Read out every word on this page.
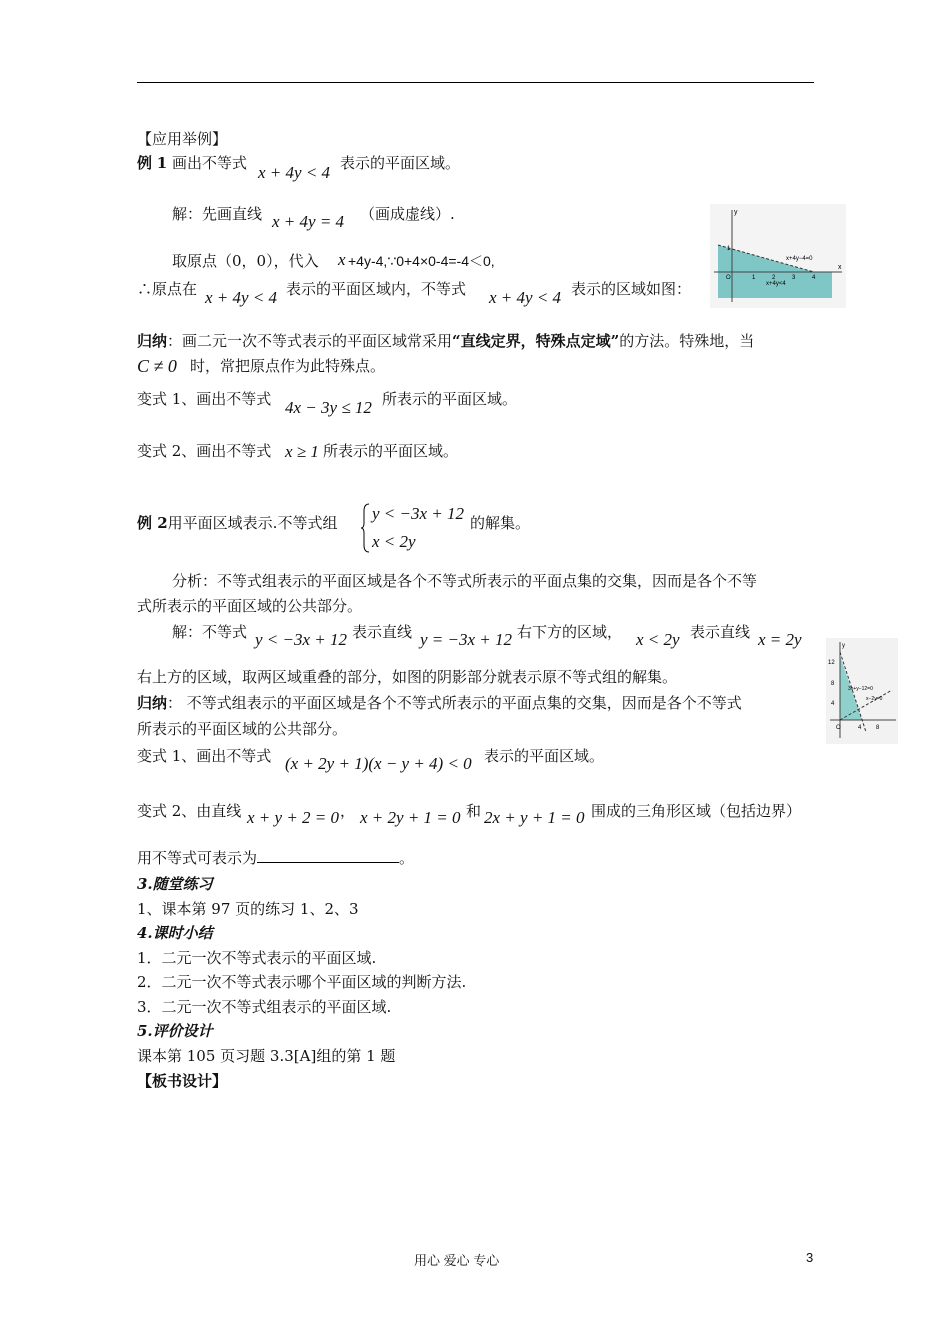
【应用举例】
例 1 画出不等式 x + 4y < 4 表示的平面区域。
解：先画直线 x + 4y = 4 （画成虚线）.
取原点（0，0），代入 x +4y-4,∵0+4×0-4=-4＜0,
∴原点在 x + 4y < 4 表示的平面区域内，不等式 x + 4y < 4 表示的区域如图：
y
x
x+4y−4=0
x+4y<4
1
O	1	2	3	4
归纳：画二元一次不等式表示的平面区域常采用“直线定界，特殊点定域”的方法。特殊地，当
C ≠ 0 时，常把原点作为此特殊点。
变式 1、画出不等式 4x − 3y ≤ 12 所表示的平面区域。
变式 2、画出不等式 x ≥ 1 所表示的平面区域。
例 2用平面区域表示.不等式组 y < −3x + 12
x < 2y
的解集。
分析：不等式组表示的平面区域是各个不等式所表示的平面点集的交集，因而是各个不等
式所表示的平面区域的公共部分。
解：不等式 y < −3x + 12 表示直线 y = −3x + 12 右下方的区域， x < 2y 表示直线 x = 2y
右上方的区域，取两区域重叠的部分，如图的阴影部分就表示原不等式组的解集。
y
12
8
4
O	4 8
3x+y−12=0
x−2y=0
归纳： 不等式组表示的平面区域是各个不等式所表示的平面点集的交集，因而是各个不等式
所表示的平面区域的公共部分。
变式 1、画出不等式 (x + 2y + 1)(x − y + 4) < 0 表示的平面区域。
变式 2、由直线 x + y + 2 = 0 ， x + 2y + 1 = 0 和 2x + y + 1 = 0 围成的三角形区域（包括边界）
用不等式可表示为	。
3.随堂练习
1、课本第 97 页的练习 1、2、3
4.课时小结
1．二元一次不等式表示的平面区域.
2．二元一次不等式表示哪个平面区域的判断方法.
3．二元一次不等式组表示的平面区域.
5.评价设计
课本第 105 页习题 3.3[A]组的第 1 题
【板书设计】
用心 爱心 专心	3
